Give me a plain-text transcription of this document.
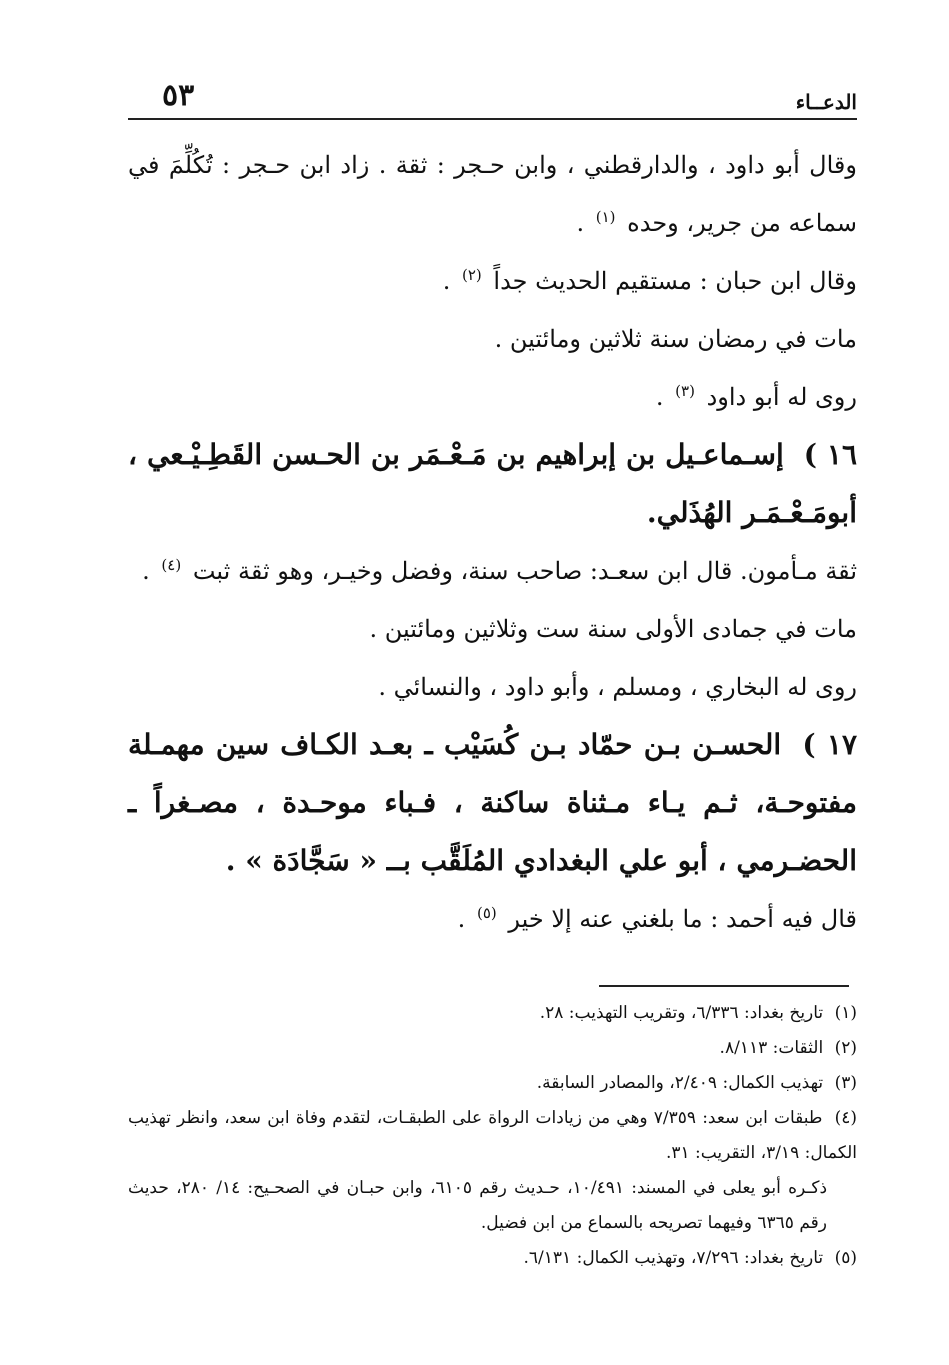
الدعــاء
٥٣

وقال أبو داود ، والدارقطني ، وابن حـجر : ثقة . زاد ابن حـجر : تُكُلِّمَ في سماعه من جرير، وحده $^{(١)}$ .

وقال ابن حبان : مستقيم الحديث جداً $^{(٢)}$ .

مات في رمضان سنة ثلاثين ومائتين .

روى له أبو داود $^{(٣)}$ .

١٦ ) إسـماعـيل بن إبراهيم بن مَـعْـمَر بن الحـسن القَطِـيْـعي ، أبومَـعْـمَـر الهُذَلي.

ثقة مـأمون. قال ابن سعـد: صاحب سنة، وفضل وخيـر، وهو ثقة ثبت $^{(٤)}$ .

مات في جمادى الأولى سنة ست وثلاثين ومائتين .

روى له البخاري ، ومسلم ، وأبو داود ، والنسائي .

١٧ ) الحسـن بـن حمّاد بـن كُسَيْب ـ بعـد الكـاف سين مهمـلة مفتوحـة، ثـم يـاء مـثناة ساكنة ، فـباء موحـدة ، مصـغراً ـ الحضـرمي ، أبو علي البغدادي المُلَقَّب بــ « سَجَّادَة » .

قال فيه أحمد : ما بلغني عنه إلا خير $^{(٥)}$ .

(١) تاريخ بغداد: ٦/٣٣٦، وتقريب التهذيب: ٢٨.

(٢) الثقات: ٨/١١٣.

(٣) تهذيب الكمال: ٢/٤٠٩، والمصادر السابقة.

(٤) طبقات ابن سعد: ٧/٣٥٩ وهي من زيادات الرواة على الطبقـات، لتقدم وفاة ابن سعد، وانظر تهذيب الكمال: ٣/١٩، التقريب: ٣١.

ذكـره أبو يعلى في المسند: ١٠/٤٩١، حـديث رقم ٦١٠٥، وابن حبـان في الصحـيح: ١٤/ ٢٨٠، حديث رقم ٦٣٦٥ وفيهما تصريحه بالسماع من ابن فضيل.

(٥) تاريخ بغداد: ٧/٢٩٦، وتهذيب الكمال: ٦/١٣١.
